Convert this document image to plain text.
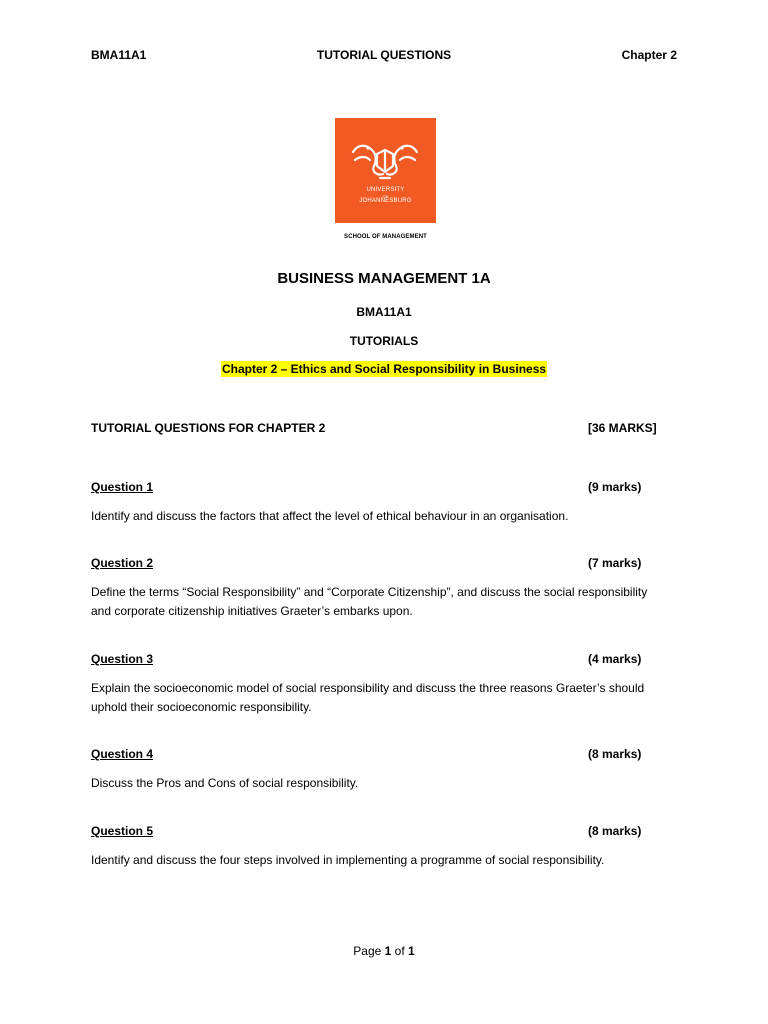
BMA11A1	TUTORIAL QUESTIONS	Chapter 2
UNIVERSITY
OF
JOHANNESBURG
SCHOOL OF MANAGEMENT
BUSINESS MANAGEMENT 1A
BMA11A1
TUTORIALS
Chapter 2 – Ethics and Social Responsibility in Business
TUTORIAL QUESTIONS FOR CHAPTER 2	[36 MARKS]
Question 1	(9 marks)
Identify and discuss the factors that affect the level of ethical behaviour in an organisation.
Question 2	(7 marks)
Define the terms “Social Responsibility” and “Corporate Citizenship”, and discuss the social responsibility
and corporate citizenship initiatives Graeter’s embarks upon.
Question 3	(4 marks)
Explain the socioeconomic model of social responsibility and discuss the three reasons Graeter’s should
uphold their socioeconomic responsibility.
Question 4	(8 marks)
Discuss the Pros and Cons of social responsibility.
Question 5	(8 marks)
Identify and discuss the four steps involved in implementing a programme of social responsibility.
Page 1 of 1
